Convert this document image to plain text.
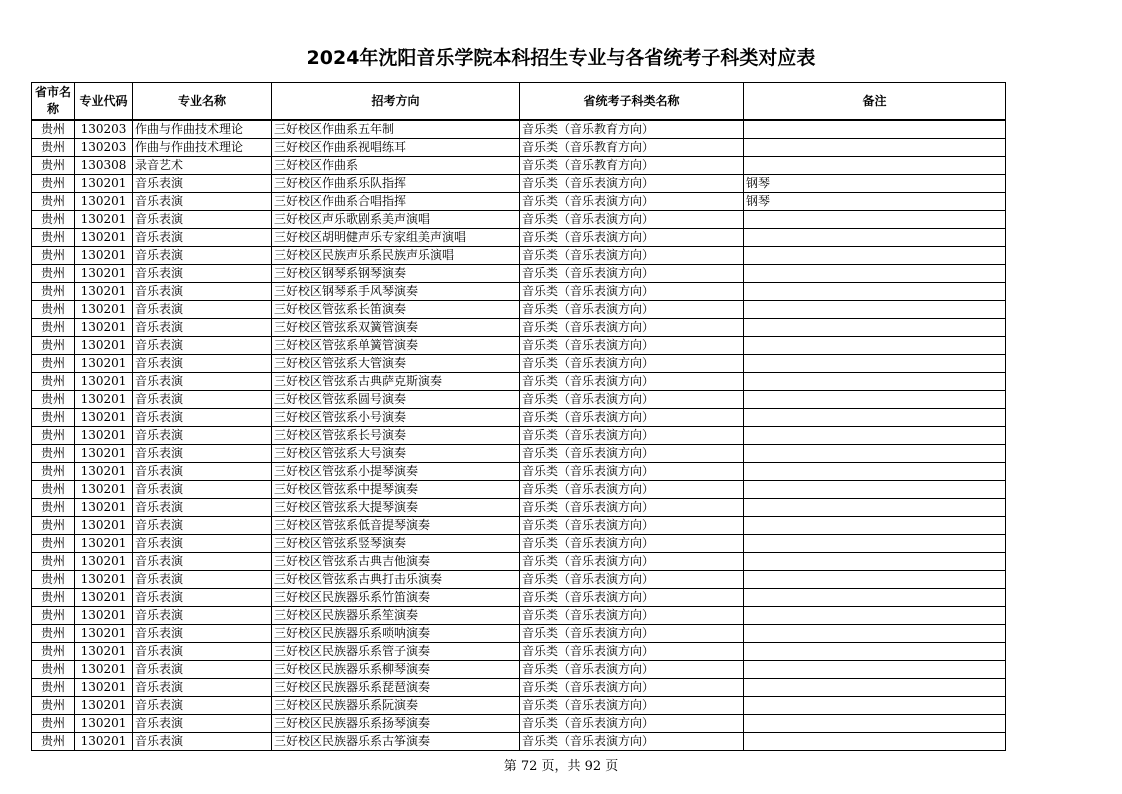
2024年沈阳音乐学院本科招生专业与各省统考子科类对应表
省市名称	专业代码	专业名称	招考方向	省统考子科类名称	备注
贵州	130203	作曲与作曲技术理论	三好校区作曲系五年制	音乐类（音乐教育方向）	
贵州	130203	作曲与作曲技术理论	三好校区作曲系视唱练耳	音乐类（音乐教育方向）	
贵州	130308	录音艺术	三好校区作曲系	音乐类（音乐教育方向）	
贵州	130201	音乐表演	三好校区作曲系乐队指挥	音乐类（音乐表演方向）	钢琴
贵州	130201	音乐表演	三好校区作曲系合唱指挥	音乐类（音乐表演方向）	钢琴
贵州	130201	音乐表演	三好校区声乐歌剧系美声演唱	音乐类（音乐表演方向）	
贵州	130201	音乐表演	三好校区胡明健声乐专家组美声演唱	音乐类（音乐表演方向）	
贵州	130201	音乐表演	三好校区民族声乐系民族声乐演唱	音乐类（音乐表演方向）	
贵州	130201	音乐表演	三好校区钢琴系钢琴演奏	音乐类（音乐表演方向）	
贵州	130201	音乐表演	三好校区钢琴系手风琴演奏	音乐类（音乐表演方向）	
贵州	130201	音乐表演	三好校区管弦系长笛演奏	音乐类（音乐表演方向）	
贵州	130201	音乐表演	三好校区管弦系双簧管演奏	音乐类（音乐表演方向）	
贵州	130201	音乐表演	三好校区管弦系单簧管演奏	音乐类（音乐表演方向）	
贵州	130201	音乐表演	三好校区管弦系大管演奏	音乐类（音乐表演方向）	
贵州	130201	音乐表演	三好校区管弦系古典萨克斯演奏	音乐类（音乐表演方向）	
贵州	130201	音乐表演	三好校区管弦系圆号演奏	音乐类（音乐表演方向）	
贵州	130201	音乐表演	三好校区管弦系小号演奏	音乐类（音乐表演方向）	
贵州	130201	音乐表演	三好校区管弦系长号演奏	音乐类（音乐表演方向）	
贵州	130201	音乐表演	三好校区管弦系大号演奏	音乐类（音乐表演方向）	
贵州	130201	音乐表演	三好校区管弦系小提琴演奏	音乐类（音乐表演方向）	
贵州	130201	音乐表演	三好校区管弦系中提琴演奏	音乐类（音乐表演方向）	
贵州	130201	音乐表演	三好校区管弦系大提琴演奏	音乐类（音乐表演方向）	
贵州	130201	音乐表演	三好校区管弦系低音提琴演奏	音乐类（音乐表演方向）	
贵州	130201	音乐表演	三好校区管弦系竖琴演奏	音乐类（音乐表演方向）	
贵州	130201	音乐表演	三好校区管弦系古典吉他演奏	音乐类（音乐表演方向）	
贵州	130201	音乐表演	三好校区管弦系古典打击乐演奏	音乐类（音乐表演方向）	
贵州	130201	音乐表演	三好校区民族器乐系竹笛演奏	音乐类（音乐表演方向）	
贵州	130201	音乐表演	三好校区民族器乐系笙演奏	音乐类（音乐表演方向）	
贵州	130201	音乐表演	三好校区民族器乐系唢呐演奏	音乐类（音乐表演方向）	
贵州	130201	音乐表演	三好校区民族器乐系管子演奏	音乐类（音乐表演方向）	
贵州	130201	音乐表演	三好校区民族器乐系柳琴演奏	音乐类（音乐表演方向）	
贵州	130201	音乐表演	三好校区民族器乐系琵琶演奏	音乐类（音乐表演方向）	
贵州	130201	音乐表演	三好校区民族器乐系阮演奏	音乐类（音乐表演方向）	
贵州	130201	音乐表演	三好校区民族器乐系扬琴演奏	音乐类（音乐表演方向）	
贵州	130201	音乐表演	三好校区民族器乐系古筝演奏	音乐类（音乐表演方向）	
第 72 页，共 92 页
